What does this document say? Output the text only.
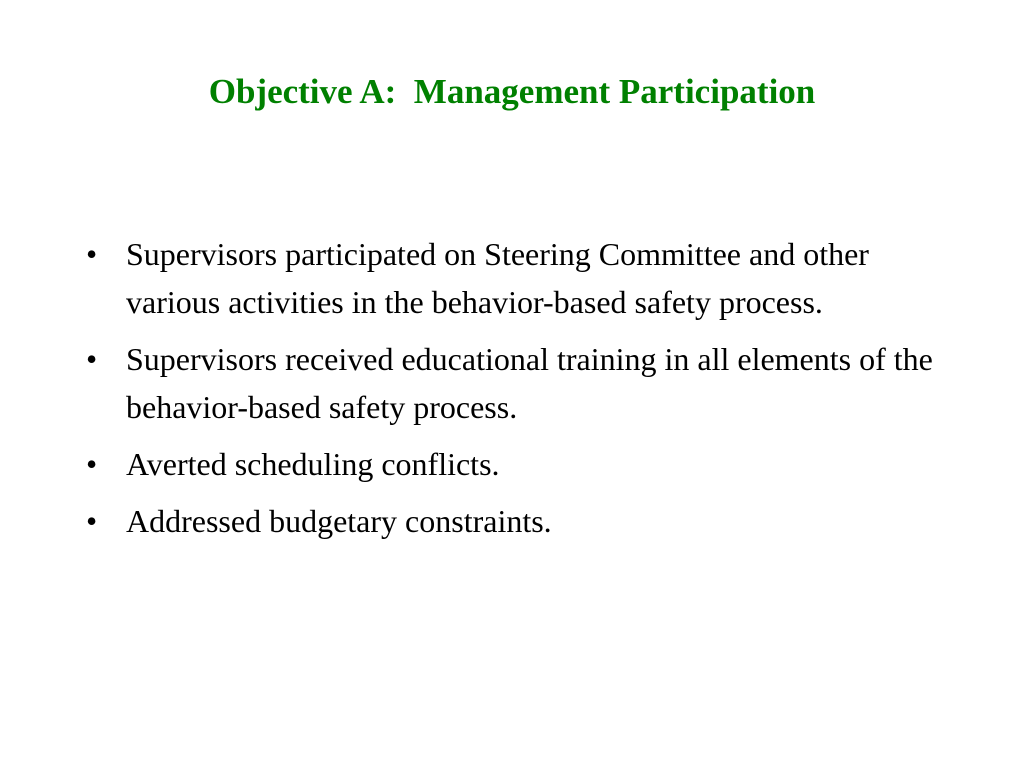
Objective A:  Management Participation
• Supervisors participated on Steering Committee and other various activities in the behavior-based safety process.
• Supervisors received educational training in all elements of the behavior-based safety process.
• Averted scheduling conflicts.
• Addressed budgetary constraints.
